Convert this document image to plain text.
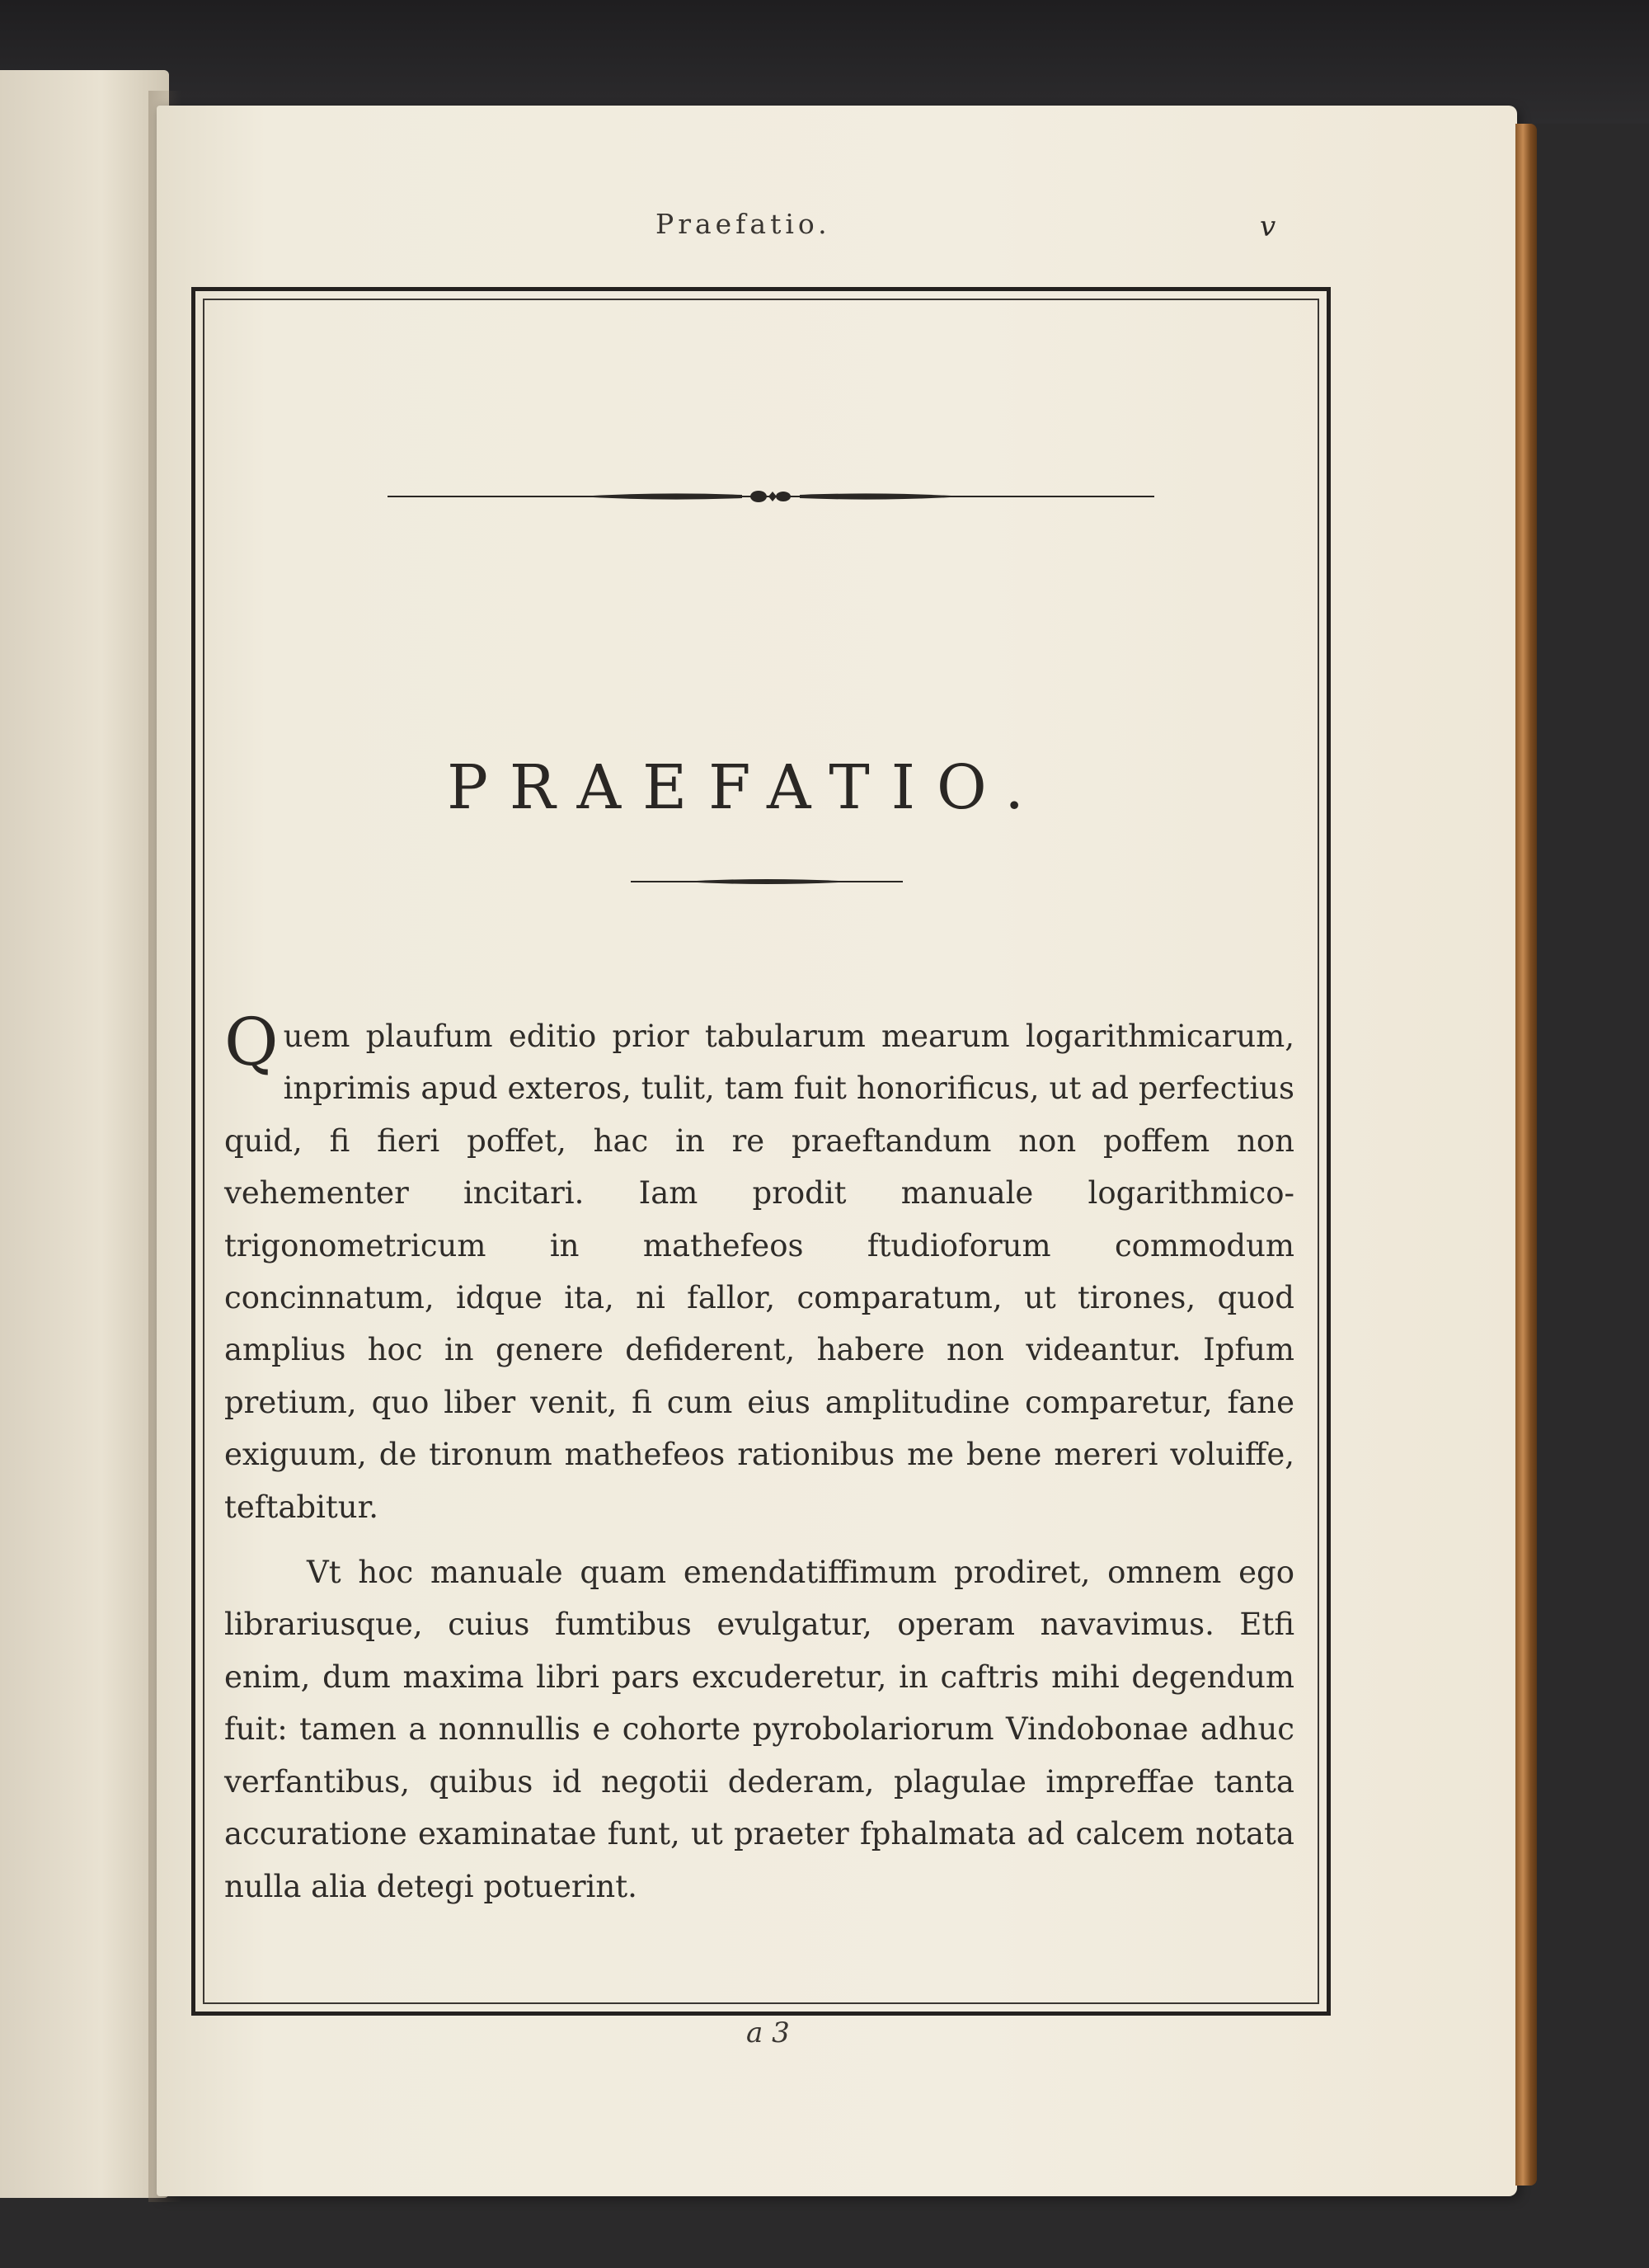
Praefatio.	v
PRAEFATIO.

Quem plaufum editio prior tabularum mearum logarithmicarum, inprimis apud exteros, tulit, tam fuit honorificus, ut ad perfectius quid, fi fieri poffet, hac in re praeftandum non poffem non vehementer incitari. Iam prodit manuale logarithmico-trigonometricum in mathefeos ftudioforum commodum concinnatum, idque ita, ni fallor, comparatum, ut tirones, quod amplius hoc in genere defiderent, habere non videantur. Ipfum pretium, quo liber venit, fi cum eius amplitudine comparetur, fane exiguum, de tironum mathefeos rationibus me bene mereri voluiffe, teftabitur.

Vt hoc manuale quam emendatiffimum prodiret, omnem ego librariusque, cuius fumtibus evulgatur, operam navavimus. Etfi enim, dum maxima libri pars excuderetur, in caftris mihi degendum fuit: tamen a nonnullis e cohorte pyrobolariorum Vindobonae adhuc verfantibus, quibus id negotii dederam, plagulae impreffae tanta accuratione examinatae funt, ut praeter fphalmata ad calcem notata nulla alia detegi potuerint.

a 3
